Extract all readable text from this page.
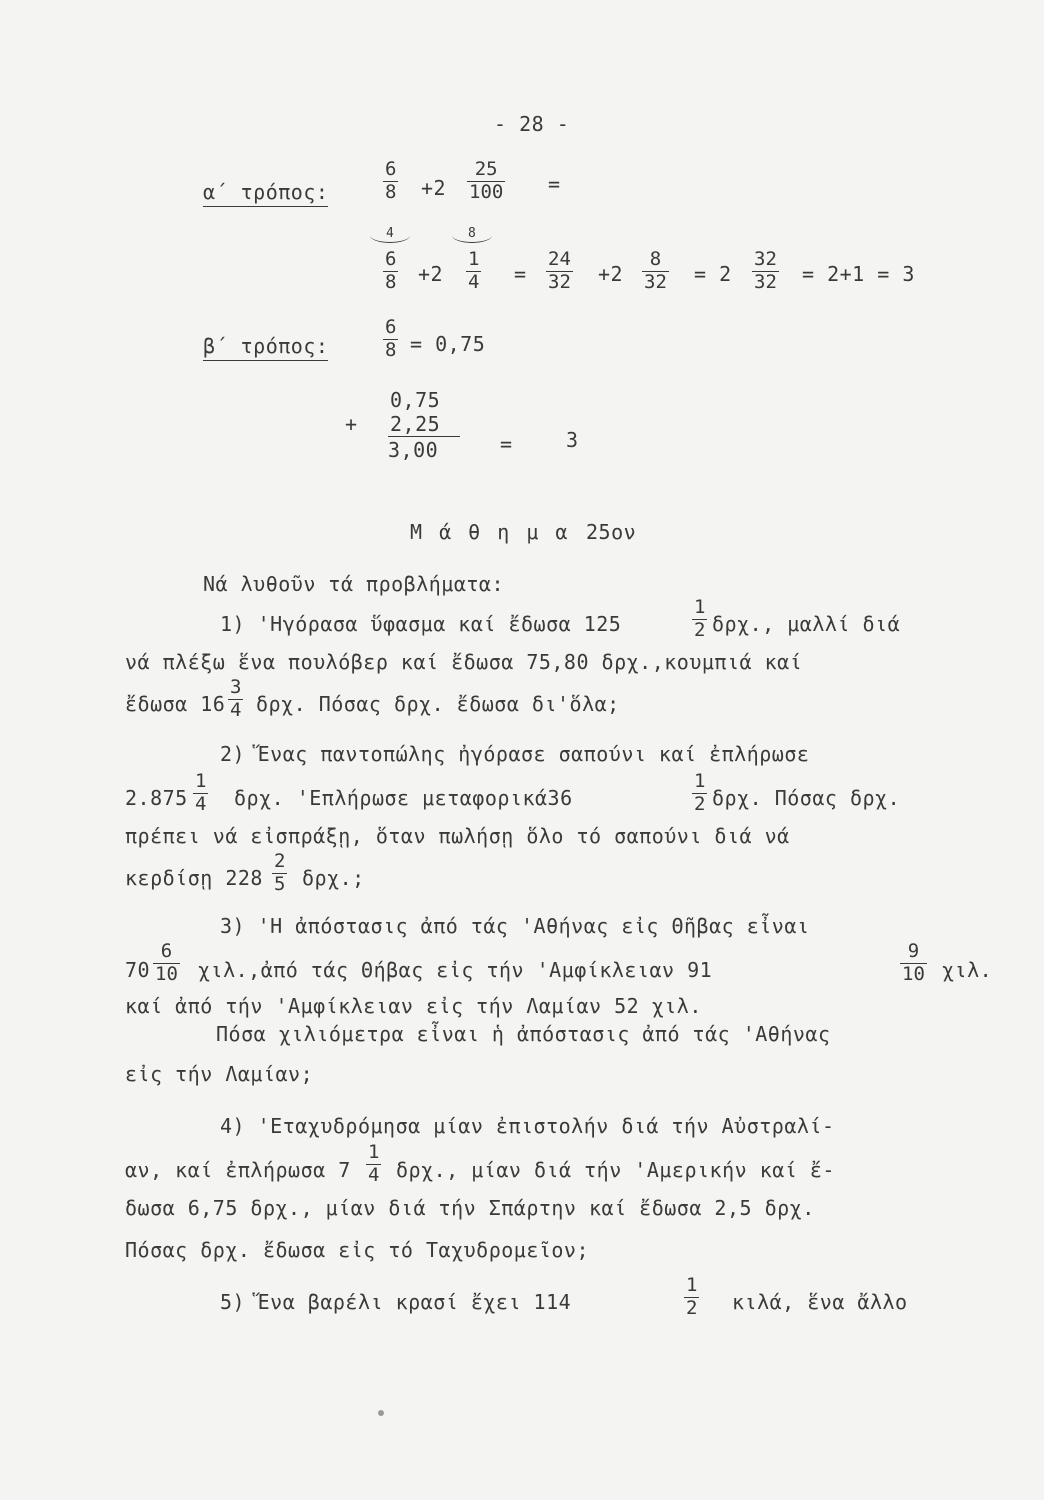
- 28 -
α΄ τρόπος:
6
8 +2
25
100 =
4	8
6
8 +2
1
4 =
24
32 +2
8
32 = 2
32
32 = 2+1 = 3
β΄ τρόπος:
6
8 = 0,75
0,75
+ 2,25
3,00	=	3
Μ ά θ η μ α 25ον
Νά λυθοῦν τά προβλήματα:
1) 'Ηγόρασα ὕφασμα καί ἔδωσα 125
1
2 δρχ., μαλλί διά
νά πλέξω ἕνα πουλόβερ καί ἔδωσα 75,80 δρχ.,κουμπιά καί
ἔδωσα 16
3
4 δρχ. Πόσας δρχ. ἔδωσα δι'ὅλα;
2) Ἕνας παντοπώλης ἠγόρασε σαπούνι καί ἐπλήρωσε
2.875
1
4 δρχ. 'Επλήρωσε μεταφορικά36
1
2 δρχ. Πόσας δρχ.
πρέπει νά εἰσπράξῃ, ὅταν πωλήσῃ ὅλο τό σαπούνι διά νά
κερδίσῃ 228
2
5 δρχ.;
3) 'Η ἀπόστασις ἀπό τάς 'Αθήνας εἰς Θῆβας εἶναι
70
6
10 χιλ.,ἀπό τάς Θήβας εἰς τήν 'Αμφίκλειαν 91
9
10 χιλ.
καί ἀπό τήν 'Αμφίκλειαν εἰς τήν Λαμίαν 52 χιλ.
Πόσα χιλιόμετρα εἶναι ἡ ἀπόστασις ἀπό τάς 'Αθήνας
εἰς τήν Λαμίαν;
4) 'Εταχυδρόμησα μίαν ἐπιστολήν διά τήν Αὐστραλί-
αν, καί ἐπλήρωσα 7
1
4 δρχ., μίαν διά τήν 'Αμερικήν καί ἔ-
δωσα 6,75 δρχ., μίαν διά τήν Σπάρτην καί ἔδωσα 2,5 δρχ.
Πόσας δρχ. ἔδωσα εἰς τό Ταχυδρομεῖον;
5) Ἕνα βαρέλι κρασί ἔχει 114
1
2 κιλά, ἕνα ἄλλο
